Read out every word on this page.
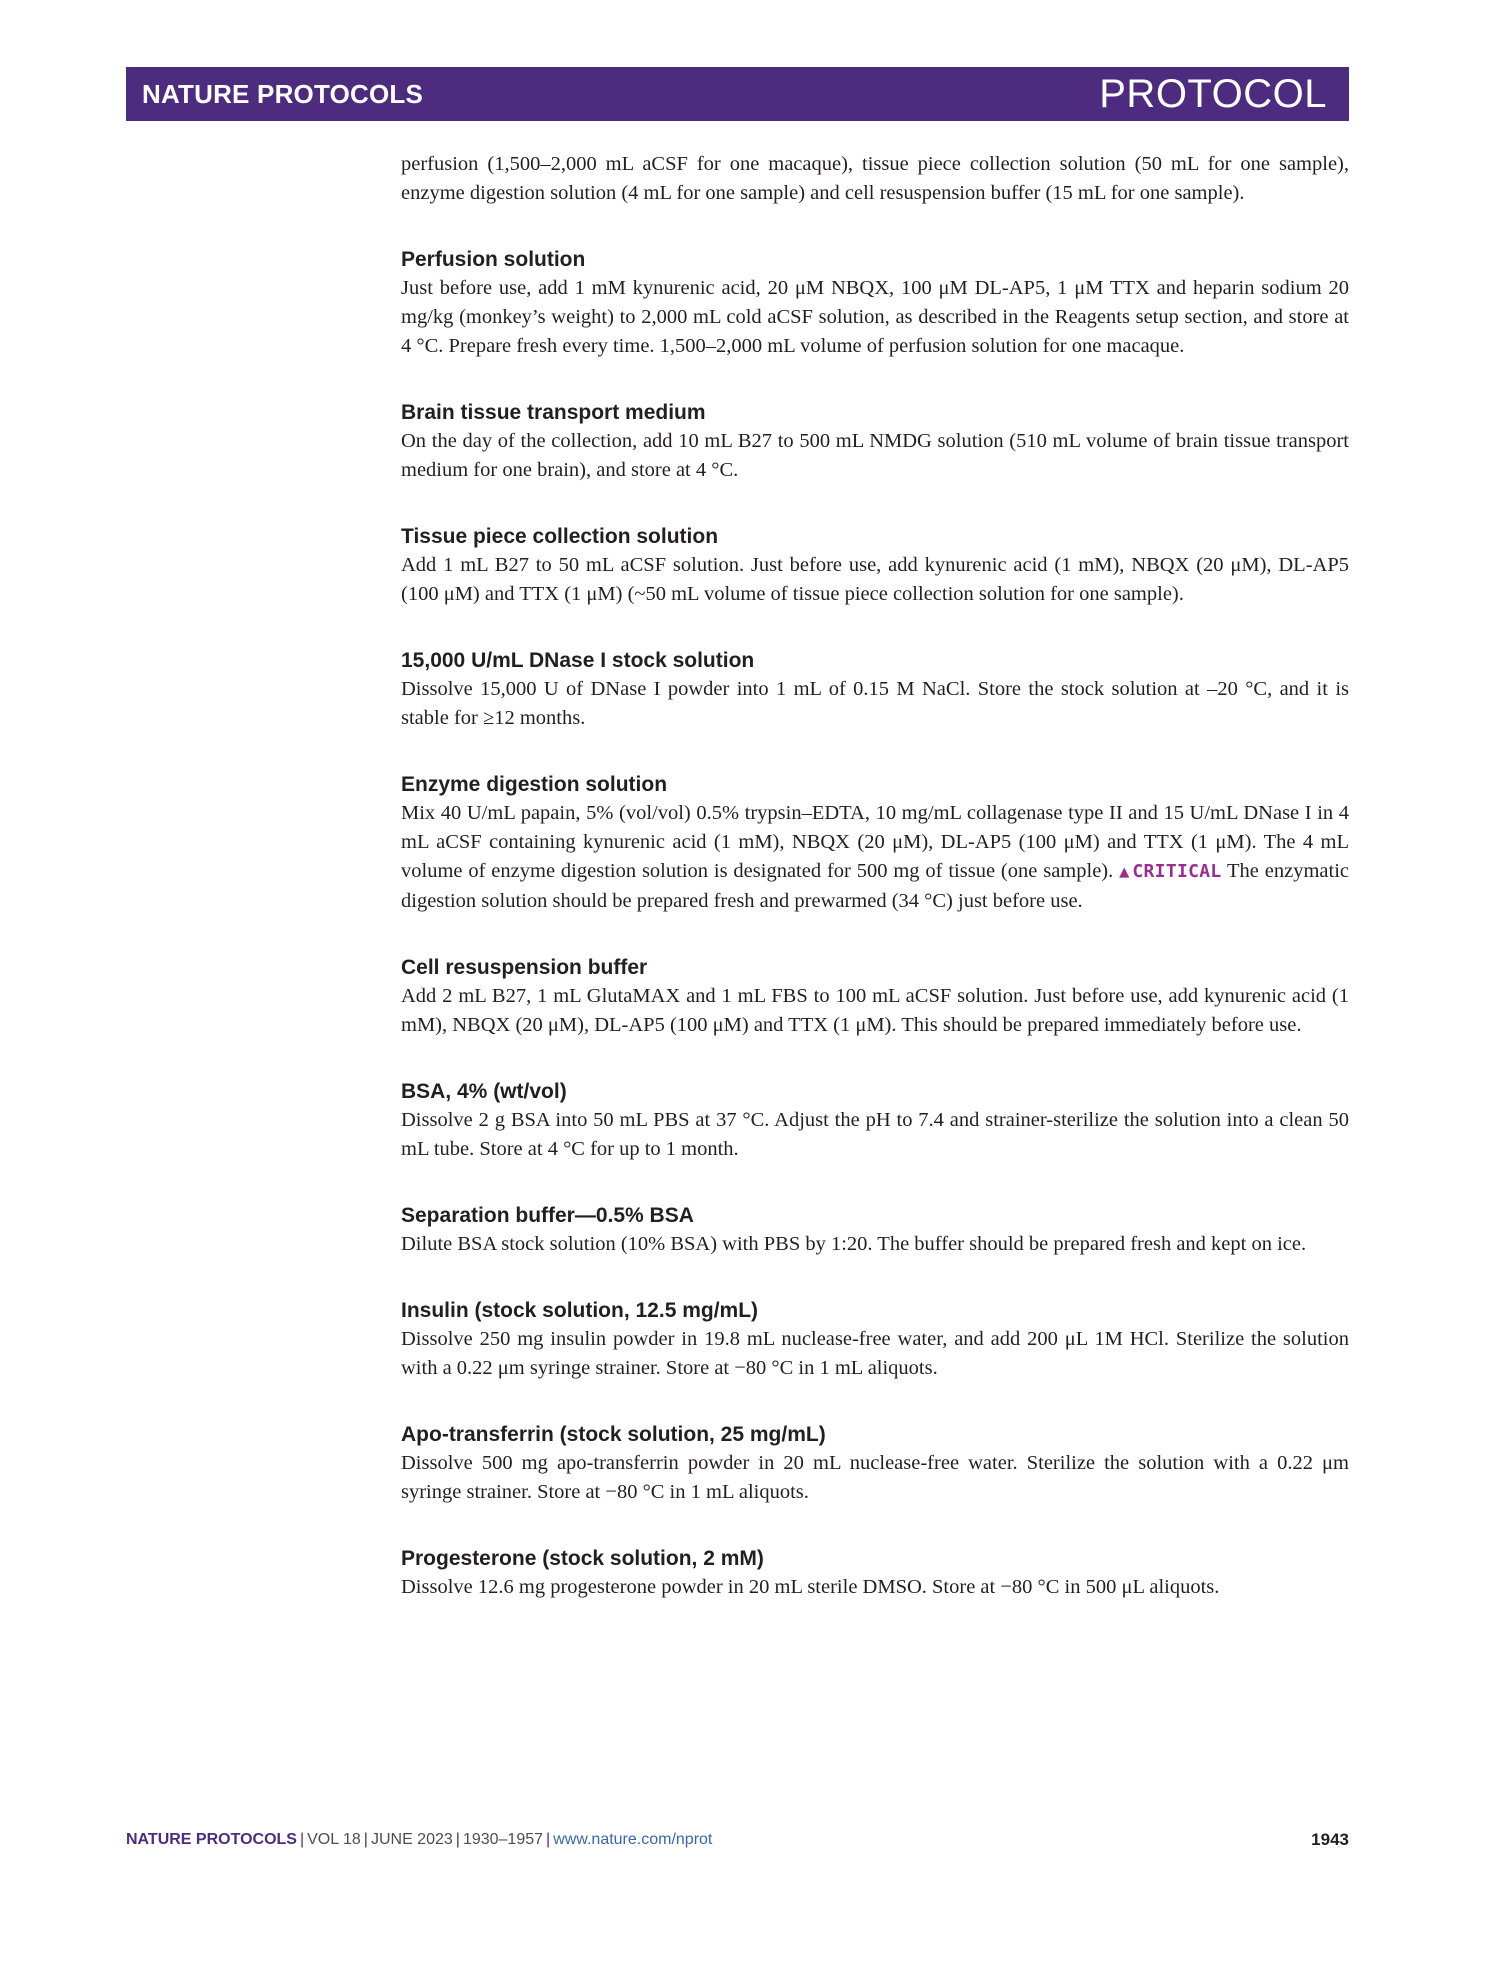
NATURE PROTOCOLS	PROTOCOL

perfusion (1,500–2,000 mL aCSF for one macaque), tissue piece collection solution (50 mL for one sample), enzyme digestion solution (4 mL for one sample) and cell resuspension buffer (15 mL for one sample).

Perfusion solution

Just before use, add 1 mM kynurenic acid, 20 μM NBQX, 100 μM DL-AP5, 1 μM TTX and heparin sodium 20 mg/kg (monkey’s weight) to 2,000 mL cold aCSF solution, as described in the Reagents setup section, and store at 4 °C. Prepare fresh every time. 1,500–2,000 mL volume of perfusion solution for one macaque.

Brain tissue transport medium

On the day of the collection, add 10 mL B27 to 500 mL NMDG solution (510 mL volume of brain tissue transport medium for one brain), and store at 4 °C.

Tissue piece collection solution

Add 1 mL B27 to 50 mL aCSF solution. Just before use, add kynurenic acid (1 mM), NBQX (20 μM), DL-AP5 (100 μM) and TTX (1 μM) (~50 mL volume of tissue piece collection solution for one sample).

15,000 U/mL DNase I stock solution

Dissolve 15,000 U of DNase I powder into 1 mL of 0.15 M NaCl. Store the stock solution at –20 °C, and it is stable for ≥12 months.

Enzyme digestion solution

Mix 40 U/mL papain, 5% (vol/vol) 0.5% trypsin–EDTA, 10 mg/mL collagenase type II and 15 U/mL DNase I in 4 mL aCSF containing kynurenic acid (1 mM), NBQX (20 μM), DL-AP5 (100 μM) and TTX (1 μM). The 4 mL volume of enzyme digestion solution is designated for 500 mg of tissue (one sample). ▲ CRITICAL The enzymatic digestion solution should be prepared fresh and prewarmed (34 °C) just before use.

Cell resuspension buffer

Add 2 mL B27, 1 mL GlutaMAX and 1 mL FBS to 100 mL aCSF solution. Just before use, add kynurenic acid (1 mM), NBQX (20 μM), DL-AP5 (100 μM) and TTX (1 μM). This should be prepared immediately before use.

BSA, 4% (wt/vol)

Dissolve 2 g BSA into 50 mL PBS at 37 °C. Adjust the pH to 7.4 and strainer-sterilize the solution into a clean 50 mL tube. Store at 4 °C for up to 1 month.

Separation buffer—0.5% BSA

Dilute BSA stock solution (10% BSA) with PBS by 1:20. The buffer should be prepared fresh and kept on ice.

Insulin (stock solution, 12.5 mg/mL)

Dissolve 250 mg insulin powder in 19.8 mL nuclease-free water, and add 200 μL 1M HCl. Sterilize the solution with a 0.22 μm syringe strainer. Store at −80 °C in 1 mL aliquots.

Apo-transferrin (stock solution, 25 mg/mL)

Dissolve 500 mg apo-transferrin powder in 20 mL nuclease-free water. Sterilize the solution with a 0.22 μm syringe strainer. Store at −80 °C in 1 mL aliquots.

Progesterone (stock solution, 2 mM)

Dissolve 12.6 mg progesterone powder in 20 mL sterile DMSO. Store at −80 °C in 500 μL aliquots.

NATURE PROTOCOLS | VOL 18 | JUNE 2023 | 1930–1957 | www.nature.com/nprot	1943
